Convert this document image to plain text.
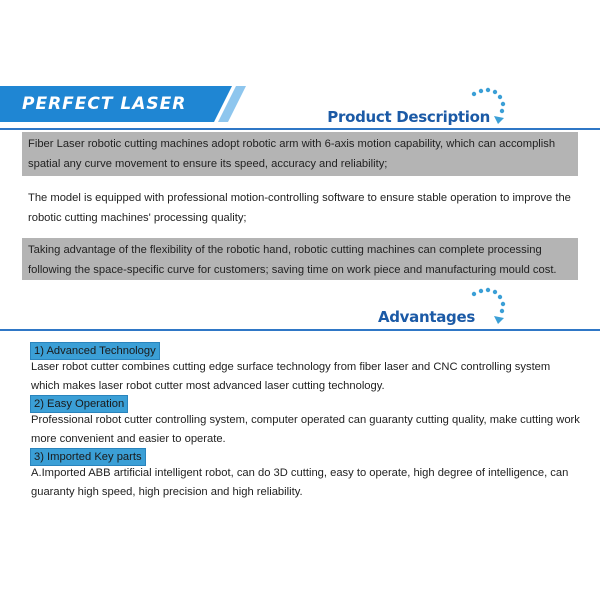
PERFECT LASER
Product Description
Fiber Laser robotic cutting machines adopt robotic arm with 6-axis motion capability, which can accomplish spatial any curve movement to ensure its speed, accuracy and reliability;
The model is equipped with professional motion-controlling software to ensure stable operation to improve the robotic cutting machines' processing quality;
Taking advantage of the flexibility of the robotic hand, robotic cutting machines can complete processing following the space-specific curve for customers; saving time on work piece and manufacturing mould cost.
Advantages
1) Advanced Technology
Laser robot cutter combines cutting edge surface technology from fiber laser and CNC controlling system which makes laser robot cutter most advanced laser cutting technology.
2) Easy Operation
Professional robot cutter controlling system, computer operated can guaranty cutting quality, make cutting work more convenient and easier to operate.
3) Imported Key parts
A.Imported ABB artificial intelligent robot, can do 3D cutting, easy to operate, high degree of intelligence, can guaranty high speed, high precision and high reliability.
